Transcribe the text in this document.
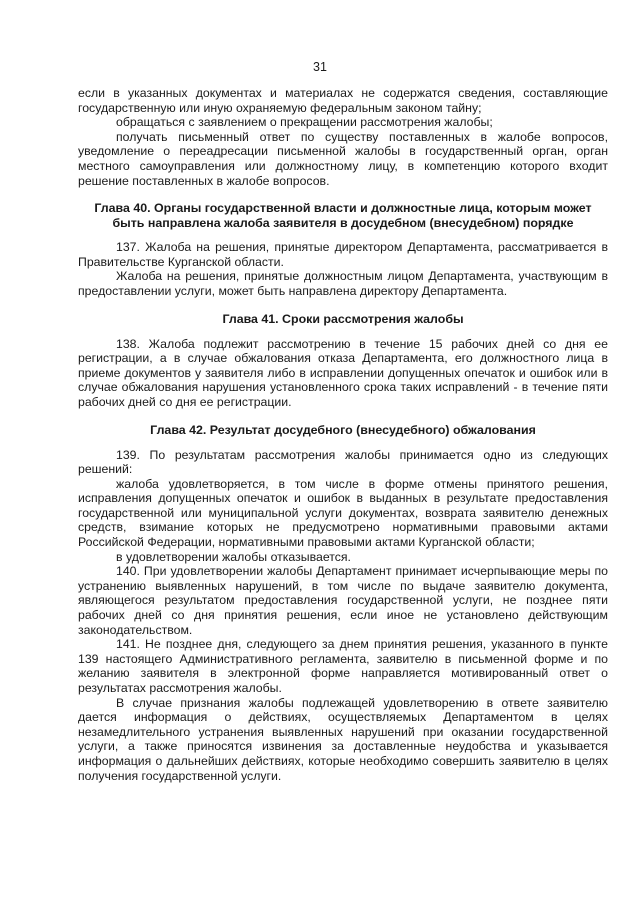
31

если в указанных документах и материалах не содержатся сведения, составляющие государственную или иную охраняемую федеральным законом тайну;

обращаться с заявлением о прекращении рассмотрения жалобы;

получать письменный ответ по существу поставленных в жалобе вопросов, уведомление о переадресации письменной жалобы в государственный орган, орган местного самоуправления или должностному лицу, в компетенцию которого входит решение поставленных в жалобе вопросов.

Глава 40. Органы государственной власти и должностные лица, которым может быть направлена жалоба заявителя в досудебном (внесудебном) порядке

137. Жалоба на решения, принятые директором Департамента, рассматривается в Правительстве Курганской области.

Жалоба на решения, принятые должностным лицом Департамента, участвующим в предоставлении услуги, может быть направлена директору Департамента.

Глава 41. Сроки рассмотрения жалобы

138. Жалоба подлежит рассмотрению в течение 15 рабочих дней со дня ее регистрации, а в случае обжалования отказа Департамента, его должностного лица в приеме документов у заявителя либо в исправлении допущенных опечаток и ошибок или в случае обжалования нарушения установленного срока таких исправлений - в течение пяти рабочих дней со дня ее регистрации.

Глава 42. Результат досудебного (внесудебного) обжалования

139. По результатам рассмотрения жалобы принимается одно из следующих решений:

жалоба удовлетворяется, в том числе в форме отмены принятого решения, исправления допущенных опечаток и ошибок в выданных в результате предоставления государственной или муниципальной услуги документах, возврата заявителю денежных средств, взимание которых не предусмотрено нормативными правовыми актами Российской Федерации, нормативными правовыми актами Курганской области;

в удовлетворении жалобы отказывается.

140. При удовлетворении жалобы Департамент принимает исчерпывающие меры по устранению выявленных нарушений, в том числе по выдаче заявителю документа, являющегося результатом предоставления государственной услуги, не позднее пяти рабочих дней со дня принятия решения, если иное не установлено действующим законодательством.

141. Не позднее дня, следующего за днем принятия решения, указанного в пункте 139 настоящего Административного регламента, заявителю в письменной форме и по желанию заявителя в электронной форме направляется мотивированный ответ о результатах рассмотрения жалобы.

В случае признания жалобы подлежащей удовлетворению в ответе заявителю дается информация о действиях, осуществляемых Департаментом в целях незамедлительного устранения выявленных нарушений при оказании государственной услуги, а также приносятся извинения за доставленные неудобства и указывается информация о дальнейших действиях, которые необходимо совершить заявителю в целях получения государственной услуги.
